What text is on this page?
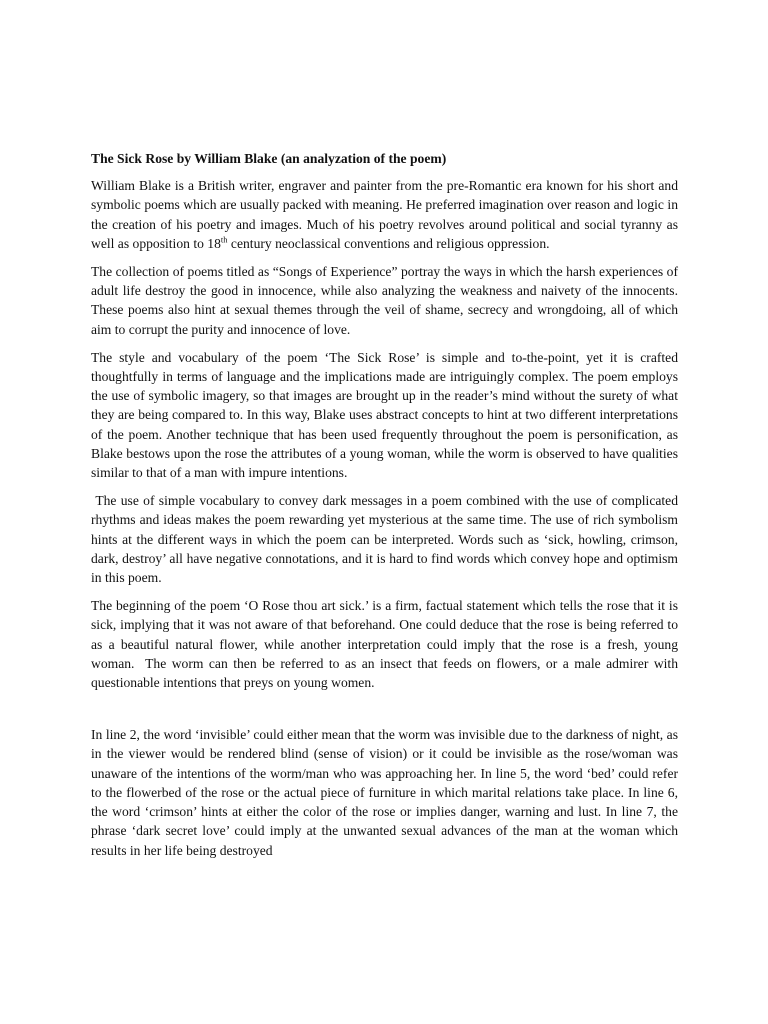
The Sick Rose by William Blake (an analyzation of the poem)

William Blake is a British writer, engraver and painter from the pre-Romantic era known for his short and symbolic poems which are usually packed with meaning. He preferred imagination over reason and logic in the creation of his poetry and images. Much of his poetry revolves around political and social tyranny as well as opposition to 18th century neoclassical conventions and religious oppression.

The collection of poems titled as “Songs of Experience” portray the ways in which the harsh experiences of adult life destroy the good in innocence, while also analyzing the weakness and naivety of the innocents. These poems also hint at sexual themes through the veil of shame, secrecy and wrongdoing, all of which aim to corrupt the purity and innocence of love.

The style and vocabulary of the poem ‘The Sick Rose’ is simple and to-the-point, yet it is crafted thoughtfully in terms of language and the implications made are intriguingly complex. The poem employs the use of symbolic imagery, so that images are brought up in the reader’s mind without the surety of what they are being compared to. In this way, Blake uses abstract concepts to hint at two different interpretations of the poem. Another technique that has been used frequently throughout the poem is personification, as Blake bestows upon the rose the attributes of a young woman, while the worm is observed to have qualities similar to that of a man with impure intentions.

The use of simple vocabulary to convey dark messages in a poem combined with the use of complicated rhythms and ideas makes the poem rewarding yet mysterious at the same time. The use of rich symbolism hints at the different ways in which the poem can be interpreted. Words such as ‘sick, howling, crimson, dark, destroy’ all have negative connotations, and it is hard to find words which convey hope and optimism in this poem.

The beginning of the poem ‘O Rose thou art sick.’ is a firm, factual statement which tells the rose that it is sick, implying that it was not aware of that beforehand. One could deduce that the rose is being referred to as a beautiful natural flower, while another interpretation could imply that the rose is a fresh, young woman.  The worm can then be referred to as an insect that feeds on flowers, or a male admirer with questionable intentions that preys on young women.

In line 2, the word ‘invisible’ could either mean that the worm was invisible due to the darkness of night, as in the viewer would be rendered blind (sense of vision) or it could be invisible as the rose/woman was unaware of the intentions of the worm/man who was approaching her. In line 5, the word ‘bed’ could refer to the flowerbed of the rose or the actual piece of furniture in which marital relations take place. In line 6, the word ‘crimson’ hints at either the color of the rose or implies danger, warning and lust. In line 7, the phrase ‘dark secret love’ could imply at the unwanted sexual advances of the man at the woman which results in her life being destroyed
